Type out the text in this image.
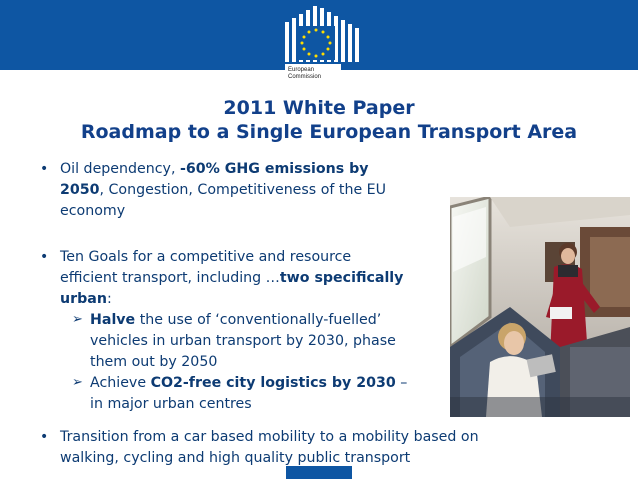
European
Commission
2011 White Paper
Roadmap to a Single European Transport Area
• Oil dependency, -60% GHG emissions by

2050, Congestion, Competitiveness of the EU

economy

• Ten Goals for a competitive and resource

efficient transport, including …two specifically

urban:

➢ Halve the use of ‘conventionally-fuelled’

vehicles in urban transport by 2030, phase

them out by 2050

➢ Achieve CO2-free city logistics by 2030 –

in major urban centres

• Transition from a car based mobility to a mobility based on

walking, cycling and high quality public transport
